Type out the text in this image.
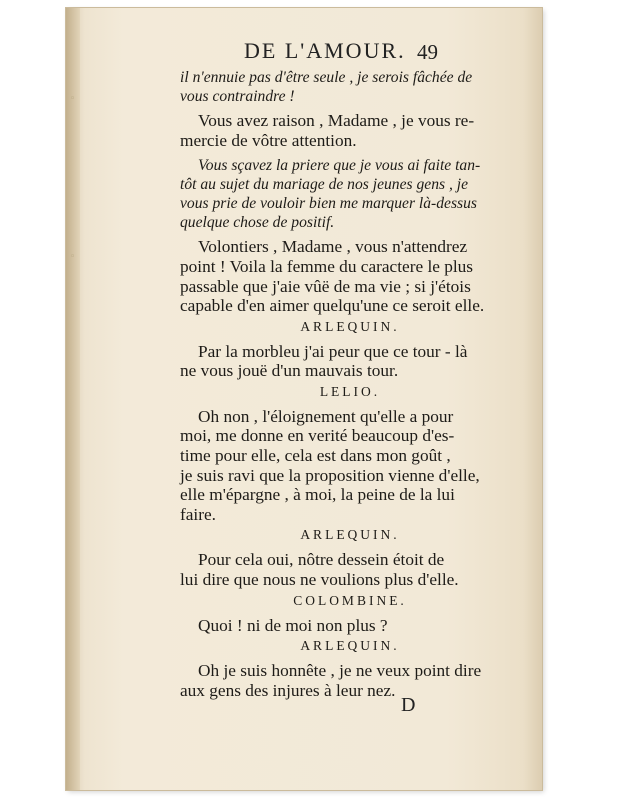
◦
◦
DE L'AMOUR. 49
il n'ennuie pas d'être seule , je serois fâchée de
vous contraindre !
Vous avez raison , Madame , je vous re-
mercie de vôtre attention.
Vous sçavez la priere que je vous ai faite tan-
tôt au sujet du mariage de nos jeunes gens , je
vous prie de vouloir bien me marquer là-dessus
quelque chose de positif.
Volontiers , Madame , vous n'attendrez
point ! Voila la femme du caractere le plus
passable que j'aie vûë de ma vie ; si j'étois
capable d'en aimer quelqu'une ce seroit elle.
ARLEQUIN.
Par la morbleu j'ai peur que ce tour - là
ne vous jouë d'un mauvais tour.
LELIO.
Oh non , l'éloignement qu'elle a pour
moi, me donne en verité beaucoup d'es-
time pour elle, cela est dans mon goût ,
je suis ravi que la proposition vienne d'elle,
elle m'épargne , à moi, la peine de la lui
faire.
ARLEQUIN.
Pour cela oui, nôtre dessein étoit de
lui dire que nous ne voulions plus d'elle.
COLOMBINE.
Quoi ! ni de moi non plus ?
ARLEQUIN.
Oh je suis honnête , je ne veux point dire
aux gens des injures à leur nez.
D
